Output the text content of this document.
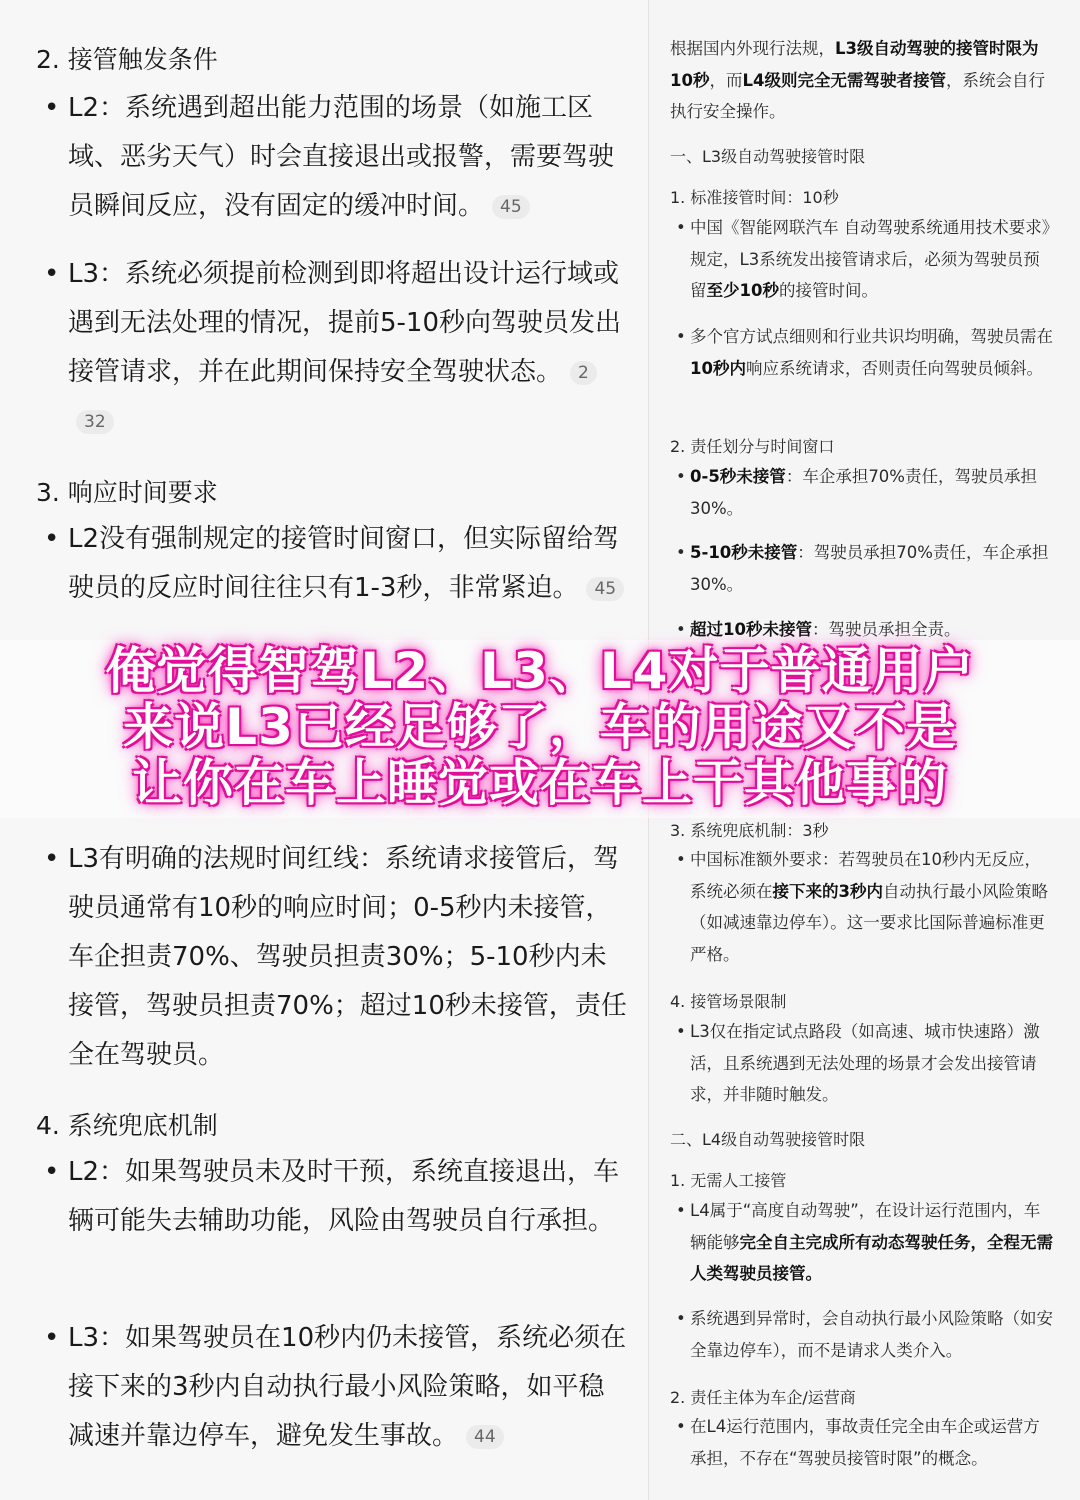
2. 接管触发条件
• L2：系统遇到超出能力范围的场景（如施工区域、恶劣天气）时会直接退出或报警，需要驾驶员瞬间反应，没有固定的缓冲时间。 45
• L3：系统必须提前检测到即将超出设计运行域或遇到无法处理的情况，提前5-10秒向驾驶员发出接管请求，并在此期间保持安全驾驶状态。 232
3. 响应时间要求
• L2没有强制规定的接管时间窗口，但实际留给驾驶员的反应时间往往只有1-3秒，非常紧迫。 45
• L3有明确的法规时间红线：系统请求接管后，驾驶员通常有10秒的响应时间；0-5秒内未接管，车企担责70%、驾驶员担责30%；5-10秒内未接管，驾驶员担责70%；超过10秒未接管，责任全在驾驶员。
4. 系统兜底机制
• L2：如果驾驶员未及时干预，系统直接退出，车辆可能失去辅助功能，风险由驾驶员自行承担。
• L3：如果驾驶员在10秒内仍未接管，系统必须在接下来的3秒内自动执行最小风险策略，如平稳减速并靠边停车，避免发生事故。 44
根据国内外现行法规，L3级自动驾驶的接管时限为10秒，而L4级则完全无需驾驶者接管，系统会自行执行安全操作。
一、L3级自动驾驶接管时限
1. 标准接管时间：10秒
• 中国《智能网联汽车 自动驾驶系统通用技术要求》规定，L3系统发出接管请求后，必须为驾驶员预留至少10秒的接管时间。
• 多个官方试点细则和行业共识均明确，驾驶员需在10秒内响应系统请求，否则责任向驾驶员倾斜。
2. 责任划分与时间窗口
• 0-5秒未接管：车企承担70%责任，驾驶员承担30%。
• 5-10秒未接管：驾驶员承担70%责任，车企承担30%。
• 超过10秒未接管：驾驶员承担全责。
3. 系统兜底机制：3秒
• 中国标准额外要求：若驾驶员在10秒内无反应，系统必须在接下来的3秒内自动执行最小风险策略（如减速靠边停车）。这一要求比国际普遍标准更严格。
4. 接管场景限制
• L3仅在指定试点路段（如高速、城市快速路）激活，且系统遇到无法处理的场景才会发出接管请求，并非随时触发。
二、L4级自动驾驶接管时限
1. 无需人工接管
• L4属于“高度自动驾驶”，在设计运行范围内，车辆能够完全自主完成所有动态驾驶任务，全程无需人类驾驶员接管。
• 系统遇到异常时，会自动执行最小风险策略（如安全靠边停车），而不是请求人类介入。
2. 责任主体为车企/运营商
• 在L4运行范围内，事故责任完全由车企或运营方承担，不存在“驾驶员接管时限”的概念。
俺觉得智驾L2、L3、L4对于普通用户
来说L3已经足够了，车的用途又不是
让你在车上睡觉或在车上干其他事的
